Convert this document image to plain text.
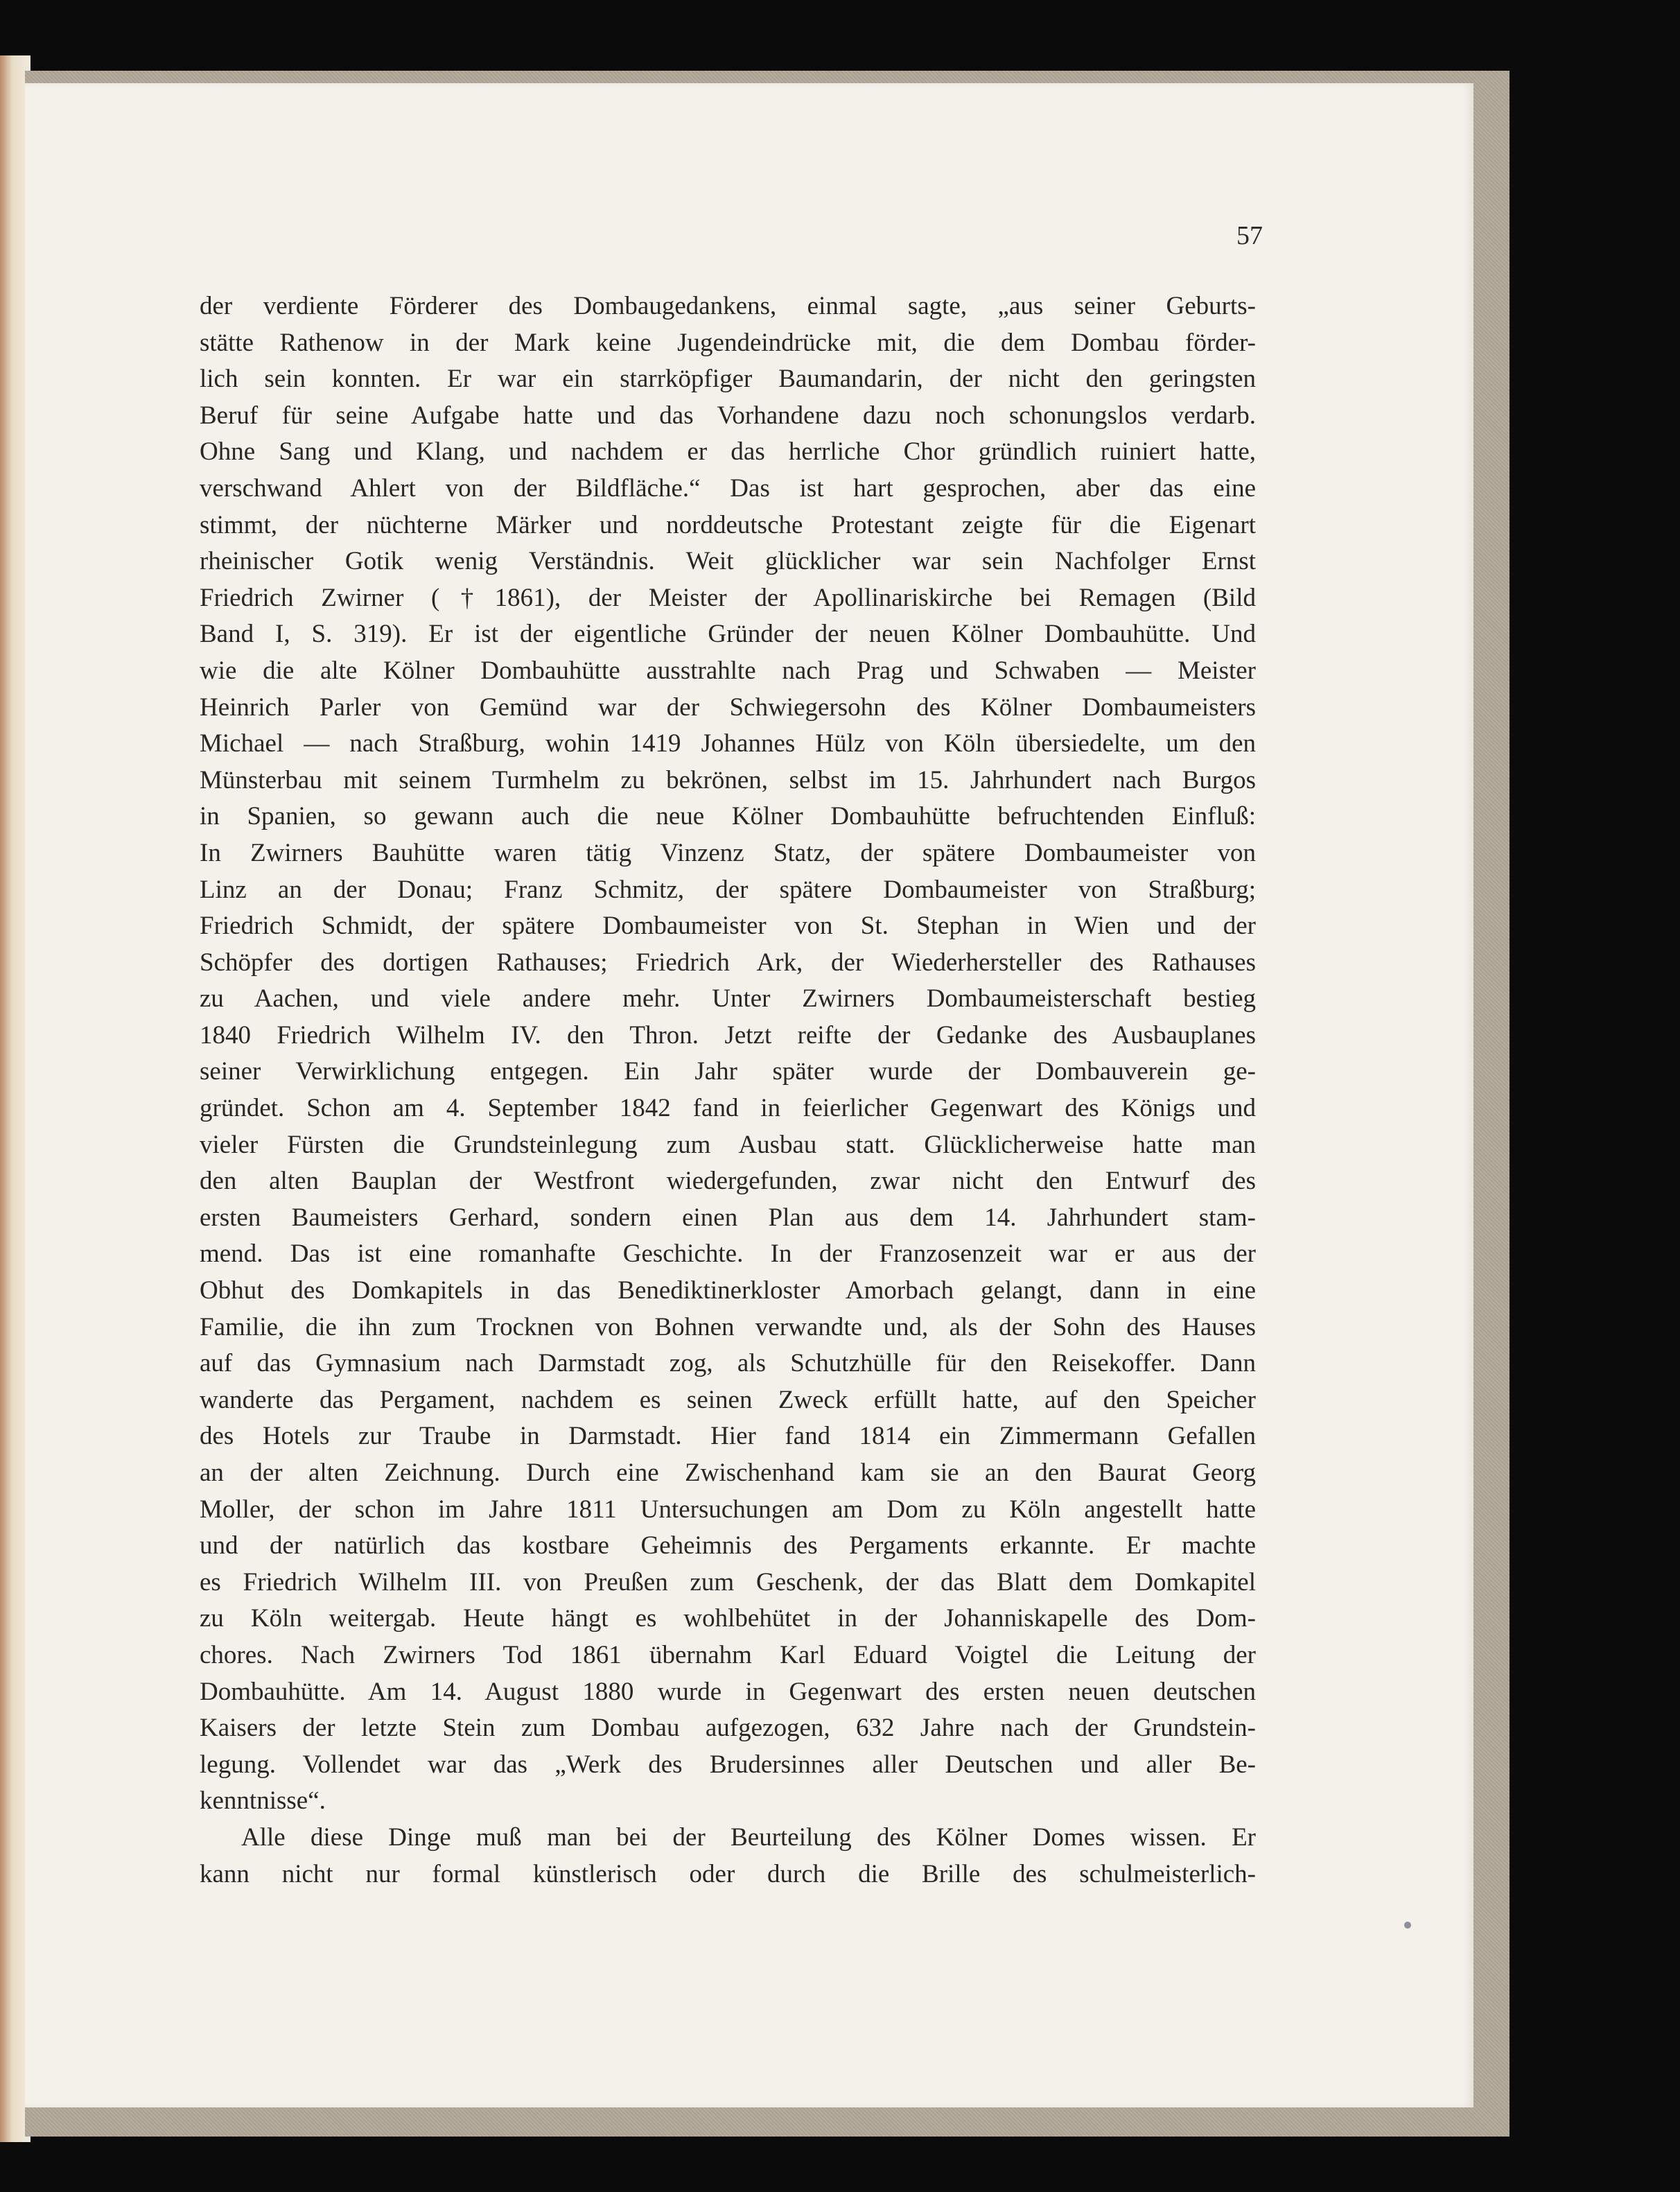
57
der verdiente Förderer des Dombaugedankens, einmal sagte, „aus seiner Geburts-
stätte Rathenow in der Mark keine Jugendeindrücke mit, die dem Dombau förder-
lich sein konnten. Er war ein starrköpfiger Baumandarin, der nicht den geringsten
Beruf für seine Aufgabe hatte und das Vorhandene dazu noch schonungslos verdarb.
Ohne Sang und Klang, und nachdem er das herrliche Chor gründlich ruiniert hatte,
verschwand Ahlert von der Bildfläche.“ Das ist hart gesprochen, aber das eine
stimmt, der nüchterne Märker und norddeutsche Protestant zeigte für die Eigenart
rheinischer Gotik wenig Verständnis. Weit glücklicher war sein Nachfolger Ernst
Friedrich Zwirner (†1861), der Meister der Apollinariskirche bei Remagen (Bild
Band I, S. 319). Er ist der eigentliche Gründer der neuen Kölner Dombauhütte. Und
wie die alte Kölner Dombauhütte ausstrahlte nach Prag und Schwaben — Meister
Heinrich Parler von Gemünd war der Schwiegersohn des Kölner Dombaumeisters
Michael — nach Straßburg, wohin 1419 Johannes Hülz von Köln übersiedelte, um den
Münsterbau mit seinem Turmhelm zu bekrönen, selbst im 15. Jahrhundert nach Burgos
in Spanien, so gewann auch die neue Kölner Dombauhütte befruchtenden Einfluß:
In Zwirners Bauhütte waren tätig Vinzenz Statz, der spätere Dombaumeister von
Linz an der Donau; Franz Schmitz, der spätere Dombaumeister von Straßburg;
Friedrich Schmidt, der spätere Dombaumeister von St. Stephan in Wien und der
Schöpfer des dortigen Rathauses; Friedrich Ark, der Wiederhersteller des Rathauses
zu Aachen, und viele andere mehr. Unter Zwirners Dombaumeisterschaft bestieg
1840 Friedrich Wilhelm IV. den Thron. Jetzt reifte der Gedanke des Ausbauplanes
seiner Verwirklichung entgegen. Ein Jahr später wurde der Dombauverein ge-
gründet. Schon am 4. September 1842 fand in feierlicher Gegenwart des Königs und
vieler Fürsten die Grundsteinlegung zum Ausbau statt. Glücklicherweise hatte man
den alten Bauplan der Westfront wiedergefunden, zwar nicht den Entwurf des
ersten Baumeisters Gerhard, sondern einen Plan aus dem 14. Jahrhundert stam-
mend. Das ist eine romanhafte Geschichte. In der Franzosenzeit war er aus der
Obhut des Domkapitels in das Benediktinerkloster Amorbach gelangt, dann in eine
Familie, die ihn zum Trocknen von Bohnen verwandte und, als der Sohn des Hauses
auf das Gymnasium nach Darmstadt zog, als Schutzhülle für den Reisekoffer. Dann
wanderte das Pergament, nachdem es seinen Zweck erfüllt hatte, auf den Speicher
des Hotels zur Traube in Darmstadt. Hier fand 1814 ein Zimmermann Gefallen
an der alten Zeichnung. Durch eine Zwischenhand kam sie an den Baurat Georg
Moller, der schon im Jahre 1811 Untersuchungen am Dom zu Köln angestellt hatte
und der natürlich das kostbare Geheimnis des Pergaments erkannte. Er machte
es Friedrich Wilhelm III. von Preußen zum Geschenk, der das Blatt dem Domkapitel
zu Köln weitergab. Heute hängt es wohlbehütet in der Johanniskapelle des Dom-
chores. Nach Zwirners Tod 1861 übernahm Karl Eduard Voigtel die Leitung der
Dombauhütte. Am 14. August 1880 wurde in Gegenwart des ersten neuen deutschen
Kaisers der letzte Stein zum Dombau aufgezogen, 632 Jahre nach der Grundstein-
legung. Vollendet war das „Werk des Brudersinnes aller Deutschen und aller Be-
kenntnisse“.
Alle diese Dinge muß man bei der Beurteilung des Kölner Domes wissen. Er
kann nicht nur formal künstlerisch oder durch die Brille des schulmeisterlich-
